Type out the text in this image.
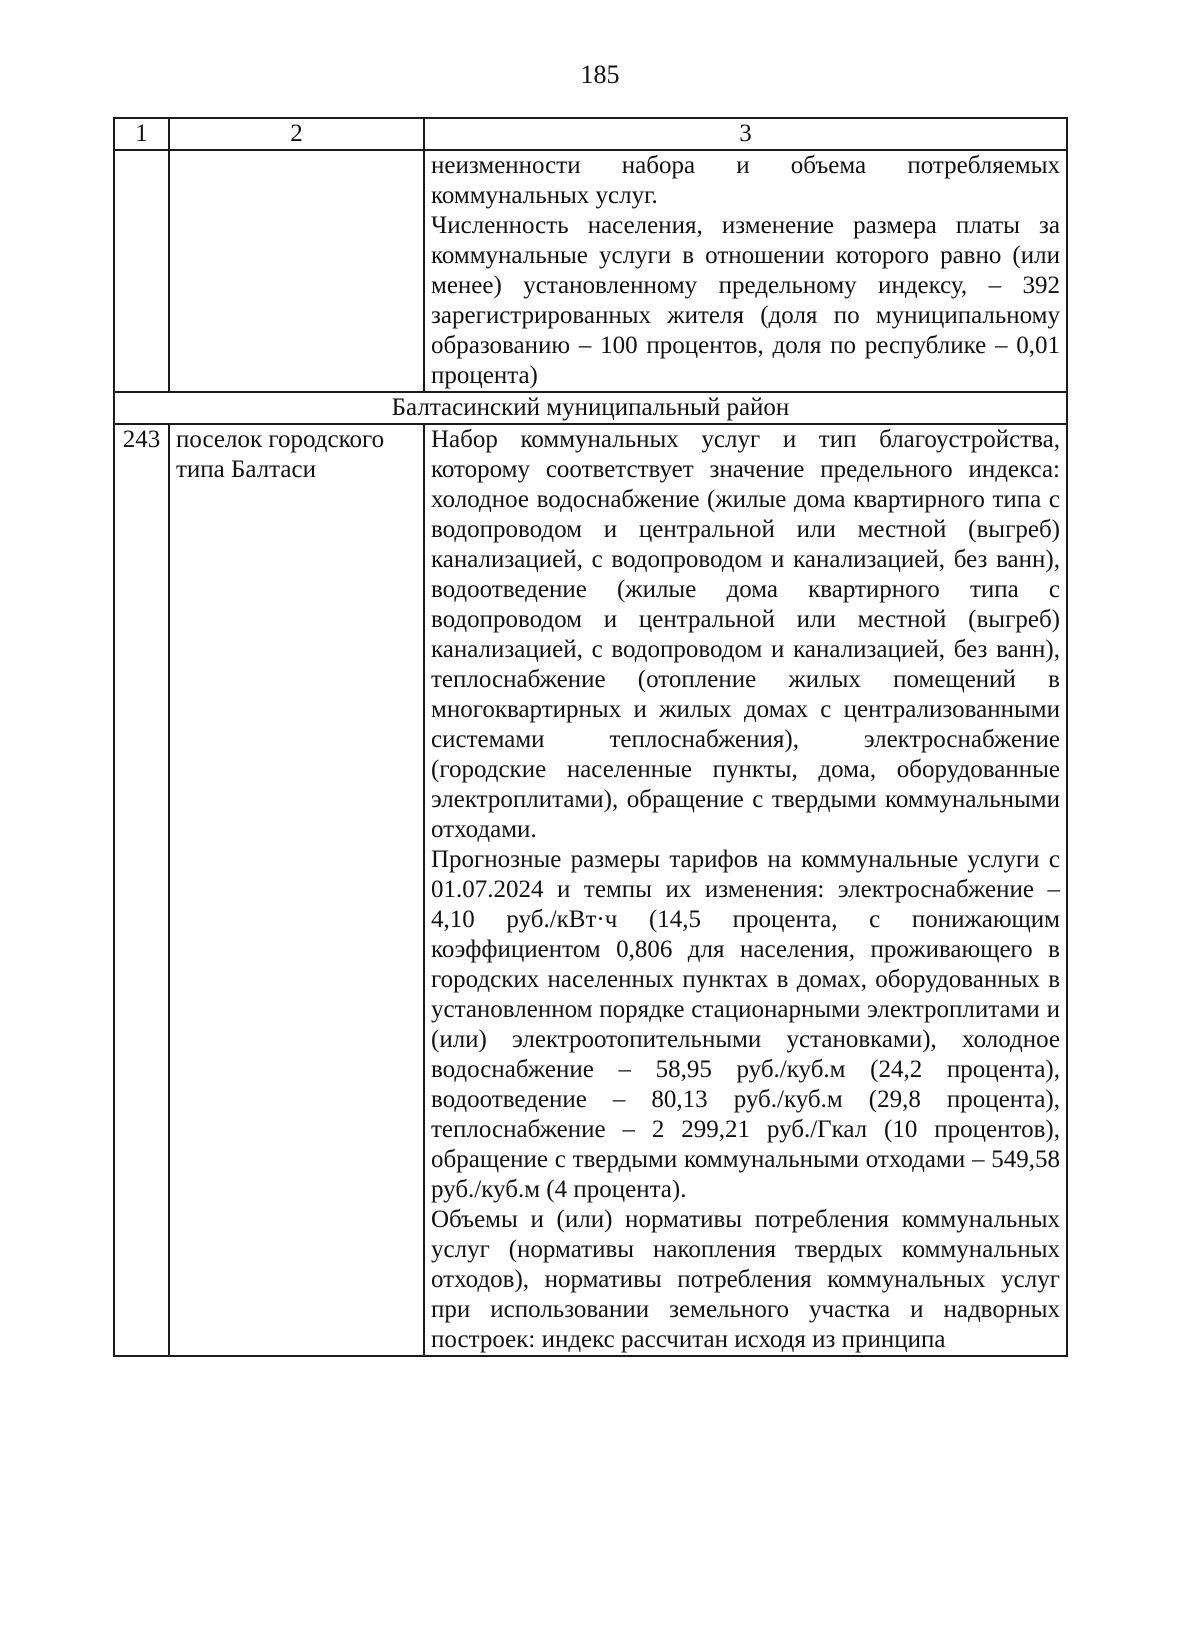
185
1	2	3

		неизменности набора и объема потребляемых коммунальных услуг.

Численность населения, изменение размера платы за коммунальные услуги в отношении которого равно (или менее) установленному предельному индексу, – 392 зарегистрированных жителя (доля по муниципальному образованию – 100 процентов, доля по республике – 0,01 процента)

Балтасинский муниципальный район		
243	поселок городского типа Балтаси	Набор коммунальных услуг и тип благоустройства, которому соответствует значение предельного индекса: холодное водоснабжение (жилые дома квартирного типа с водопроводом и центральной или местной (выгреб) канализацией, с водопроводом и канализацией, без ванн), водоотведение (жилые дома квартирного типа с водопроводом и центральной или местной (выгреб) канализацией, с водопроводом и канализацией, без ванн), теплоснабжение (отопление жилых помещений в многоквартирных и жилых домах с централизованными системами теплоснабжения), электроснабжение (городские населенные пункты, дома, оборудованные электроплитами), обращение с твердыми коммунальными отходами.

Прогнозные размеры тарифов на коммунальные услуги с 01.07.2024 и темпы их изменения: электроснабжение – 4,10 руб./кВт·ч (14,5 процента, с понижающим коэффициентом 0,806 для населения, проживающего в городских населенных пунктах в домах, оборудованных в установленном порядке стационарными электроплитами и (или) электроотопительными установками), холодное водоснабжение – 58,95 руб./куб.м (24,2 процента), водоотведение – 80,13 руб./куб.м (29,8 процента), теплоснабжение – 2 299,21 руб./Гкал (10 процентов), обращение с твердыми коммунальными отходами – 549,58 руб./куб.м (4 процента).

Объемы и (или) нормативы потребления коммунальных услуг (нормативы накопления твердых коммунальных отходов), нормативы потребления коммунальных услуг при использовании земельного участка и надворных построек: индекс рассчитан исходя из принципа
